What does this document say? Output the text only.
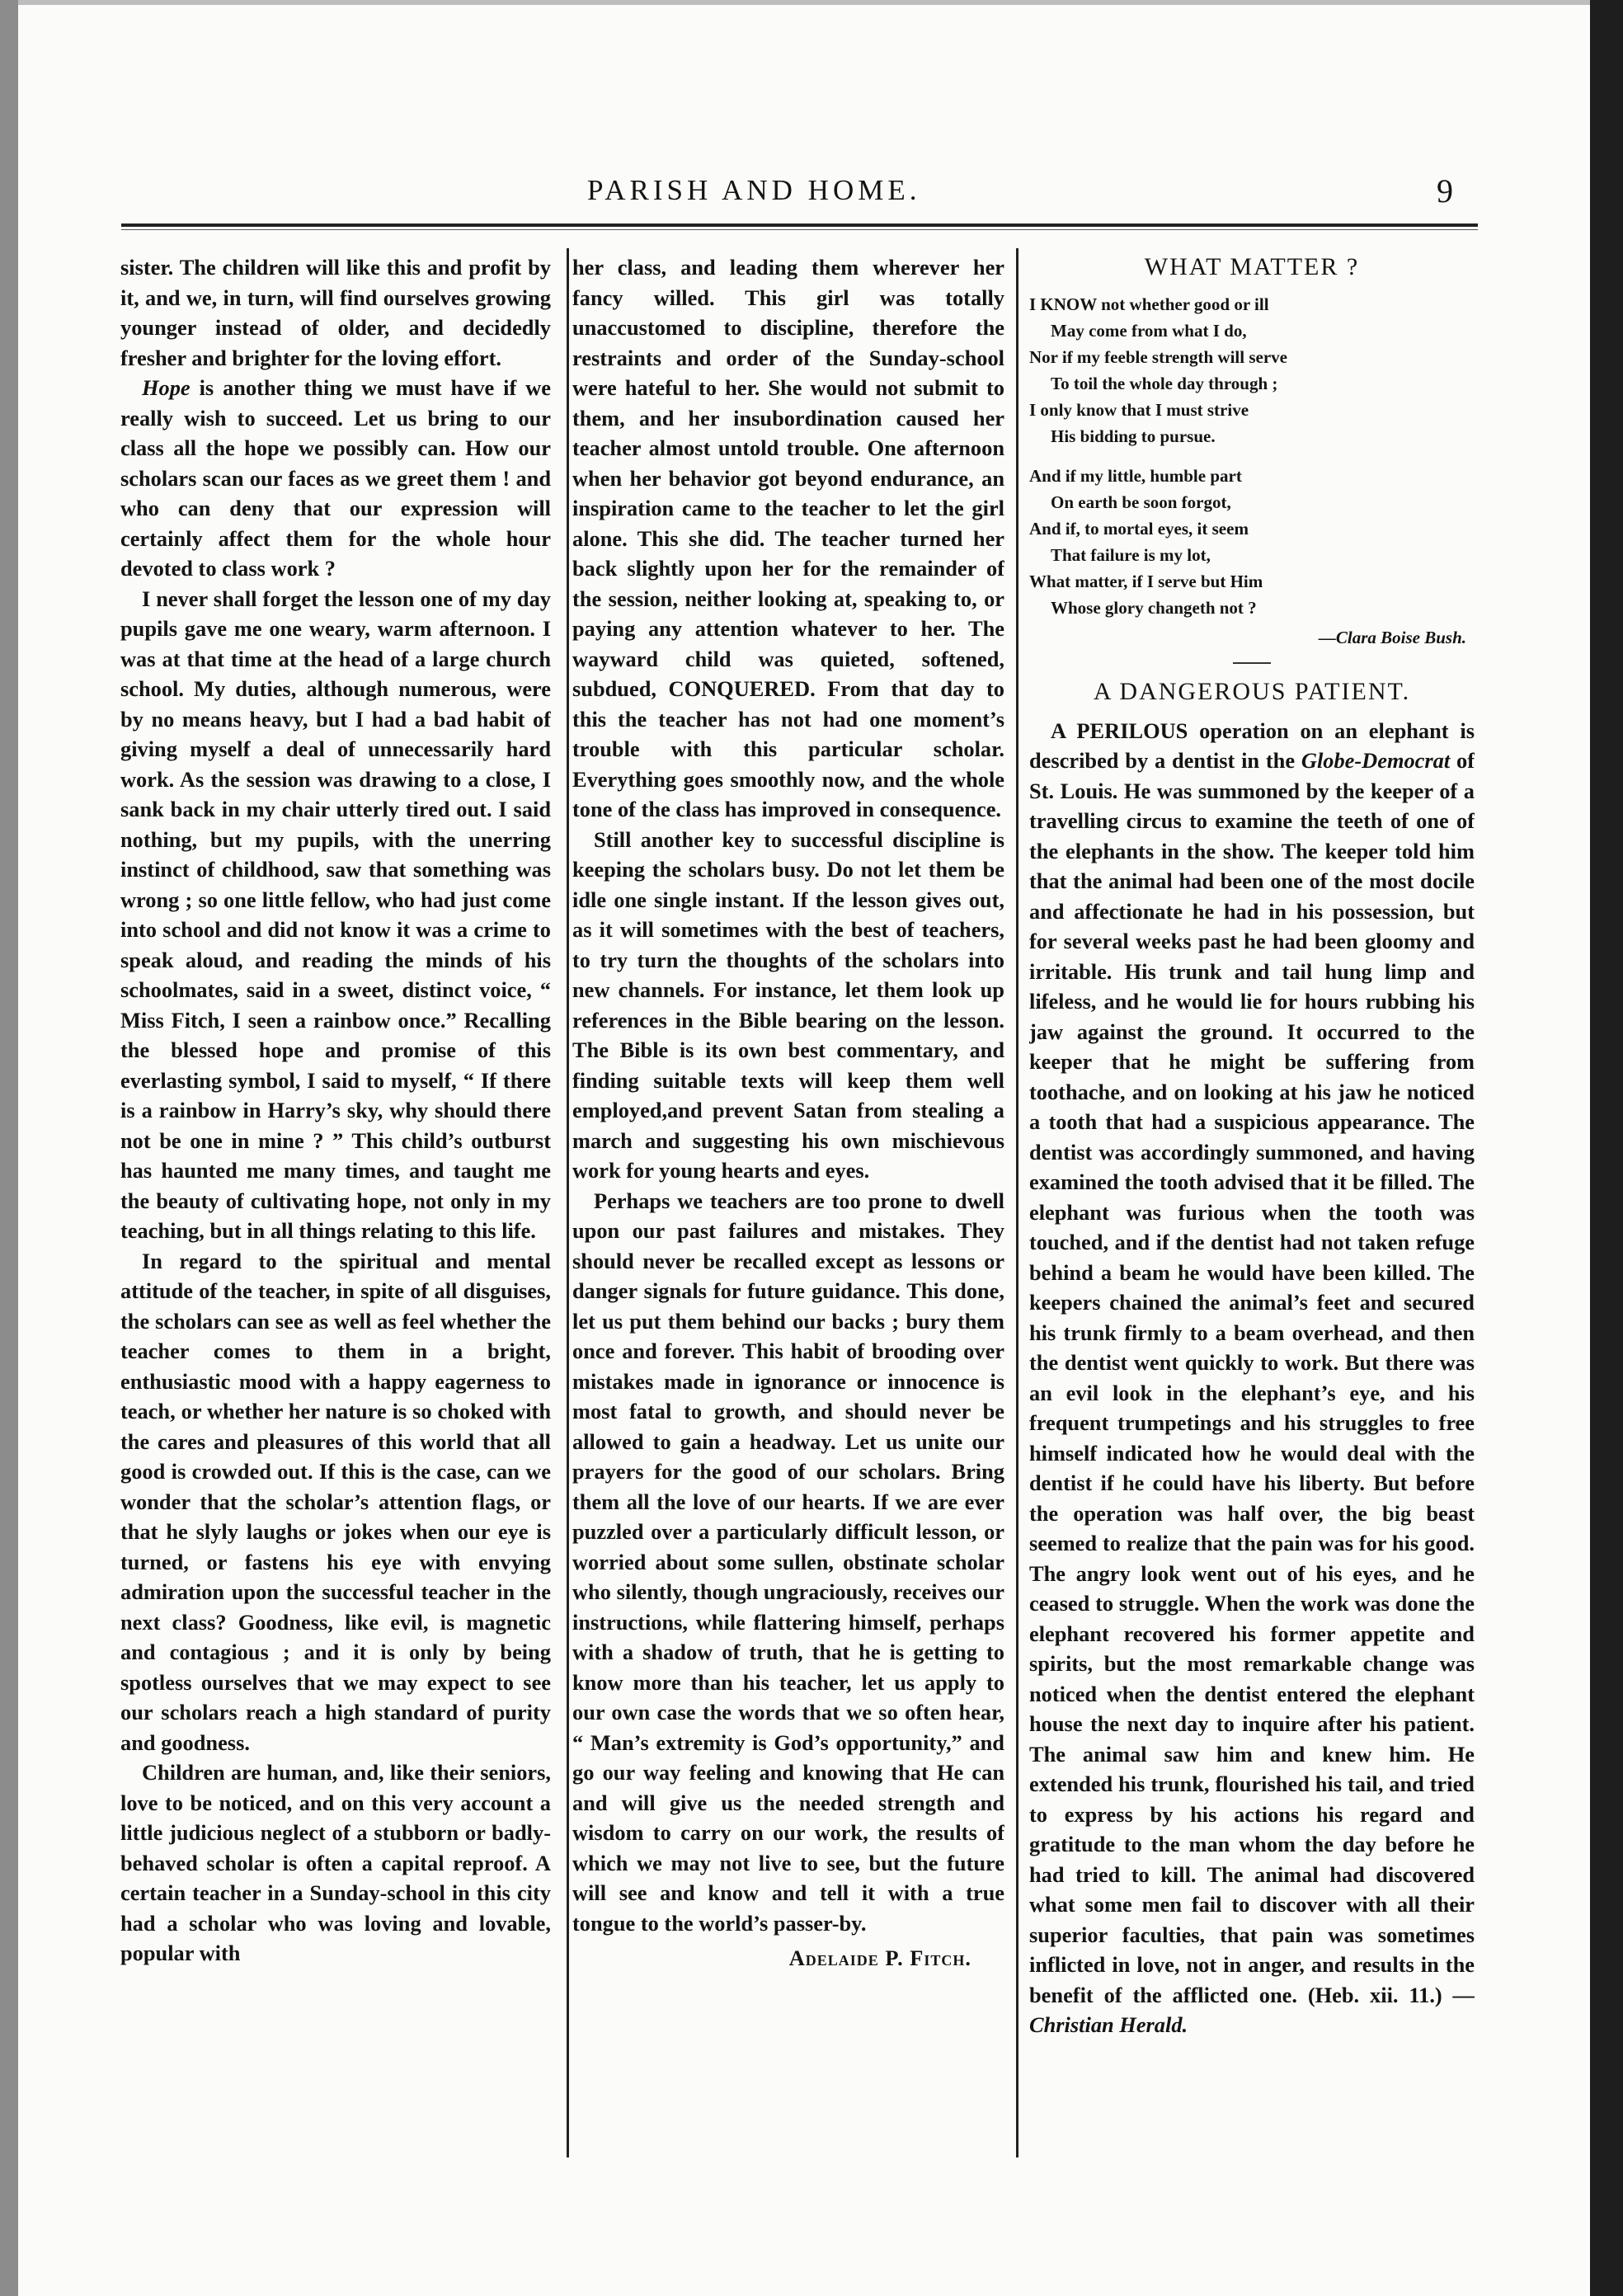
PARISH AND HOME.	9

sister. The children will like this and profit by it, and we, in turn, will find ourselves growing younger instead of older, and decidedly fresher and brighter for the loving effort.

Hope is another thing we must have if we really wish to succeed. Let us bring to our class all the hope we possibly can. How our scholars scan our faces as we greet them ! and who can deny that our expression will certainly affect them for the whole hour devoted to class work ?

I never shall forget the lesson one of my day pupils gave me one weary, warm afternoon. I was at that time at the head of a large church school. My duties, although numerous, were by no means heavy, but I had a bad habit of giving myself a deal of unnecessarily hard work. As the session was drawing to a close, I sank back in my chair utterly tired out. I said nothing, but my pupils, with the unerring instinct of childhood, saw that something was wrong ; so one little fellow, who had just come into school and did not know it was a crime to speak aloud, and reading the minds of his schoolmates, said in a sweet, distinct voice, “ Miss Fitch, I seen a rainbow once.” Recalling the blessed hope and promise of this everlasting symbol, I said to myself, “ If there is a rainbow in Harry’s sky, why should there not be one in mine ? ” This child’s outburst has haunted me many times, and taught me the beauty of cultivating hope, not only in my teaching, but in all things relating to this life.

In regard to the spiritual and mental attitude of the teacher, in spite of all disguises, the scholars can see as well as feel whether the teacher comes to them in a bright, enthusiastic mood with a happy eagerness to teach, or whether her nature is so choked with the cares and pleasures of this world that all good is crowded out. If this is the case, can we wonder that the scholar’s attention flags, or that he slyly laughs or jokes when our eye is turned, or fastens his eye with envying admiration upon the successful teacher in the next class? Goodness, like evil, is magnetic and contagious ; and it is only by being spotless ourselves that we may expect to see our scholars reach a high standard of purity and goodness.

Children are human, and, like their seniors, love to be noticed, and on this very account a little judicious neglect of a stubborn or badly-behaved scholar is often a capital reproof. A certain teacher in a Sunday-school in this city had a scholar who was loving and lovable, popular with

her class, and leading them wherever her fancy willed. This girl was totally unaccustomed to discipline, therefore the restraints and order of the Sunday-school were hateful to her. She would not submit to them, and her insubordination caused her teacher almost untold trouble. One afternoon when her behavior got beyond endurance, an inspiration came to the teacher to let the girl alone. This she did. The teacher turned her back slightly upon her for the remainder of the session, neither looking at, speaking to, or paying any attention whatever to her. The wayward child was quieted, softened, subdued, CONQUERED. From that day to this the teacher has not had one moment’s trouble with this particular scholar. Everything goes smoothly now, and the whole tone of the class has improved in consequence.

Still another key to successful discipline is keeping the scholars busy. Do not let them be idle one single instant. If the lesson gives out, as it will sometimes with the best of teachers, to try turn the thoughts of the scholars into new channels. For instance, let them look up references in the Bible bearing on the lesson. The Bible is its own best commentary, and finding suitable texts will keep them well employed,and prevent Satan from stealing a march and suggesting his own mischievous work for young hearts and eyes.

Perhaps we teachers are too prone to dwell upon our past failures and mistakes. They should never be recalled except as lessons or danger signals for future guidance. This done, let us put them behind our backs ; bury them once and forever. This habit of brooding over mistakes made in ignorance or innocence is most fatal to growth, and should never be allowed to gain a headway. Let us unite our prayers for the good of our scholars. Bring them all the love of our hearts. If we are ever puzzled over a particularly difficult lesson, or worried about some sullen, obstinate scholar who silently, though ungraciously, receives our instructions, while flattering himself, perhaps with a shadow of truth, that he is getting to know more than his teacher, let us apply to our own case the words that we so often hear, “ Man’s extremity is God’s opportunity,” and go our way feeling and knowing that He can and will give us the needed strength and wisdom to carry on our work, the results of which we may not live to see, but the future will see and know and tell it with a true tongue to the world’s passer-by.

Adelaide P. Fitch.
WHAT MATTER ?
I KNOW not whether good or ill
May come from what I do,
Nor if my feeble strength will serve
To toil the whole day through ;
I only know that I must strive
His bidding to pursue.
And if my little, humble part
On earth be soon forgot,
And if, to mortal eyes, it seem
That failure is my lot,
What matter, if I serve but Him
Whose glory changeth not ?
—Clara Boise Bush.
A DANGEROUS PATIENT.

A PERILOUS operation on an elephant is described by a dentist in the Globe-Democrat of St. Louis. He was summoned by the keeper of a travelling circus to examine the teeth of one of the elephants in the show. The keeper told him that the animal had been one of the most docile and affectionate he had in his possession, but for several weeks past he had been gloomy and irritable. His trunk and tail hung limp and lifeless, and he would lie for hours rubbing his jaw against the ground. It occurred to the keeper that he might be suffering from toothache, and on looking at his jaw he noticed a tooth that had a suspicious appearance. The dentist was accordingly summoned, and having examined the tooth advised that it be filled. The elephant was furious when the tooth was touched, and if the dentist had not taken refuge behind a beam he would have been killed. The keepers chained the animal’s feet and secured his trunk firmly to a beam overhead, and then the dentist went quickly to work. But there was an evil look in the elephant’s eye, and his frequent trumpetings and his struggles to free himself indicated how he would deal with the dentist if he could have his liberty. But before the operation was half over, the big beast seemed to realize that the pain was for his good. The angry look went out of his eyes, and he ceased to struggle. When the work was done the elephant recovered his former appetite and spirits, but the most remarkable change was noticed when the dentist entered the elephant house the next day to inquire after his patient. The animal saw him and knew him. He extended his trunk, flourished his tail, and tried to express by his actions his regard and gratitude to the man whom the day before he had tried to kill. The animal had discovered what some men fail to discover with all their superior faculties, that pain was sometimes inflicted in love, not in anger, and results in the benefit of the afflicted one. (Heb. xii. 11.) —Christian Herald.
